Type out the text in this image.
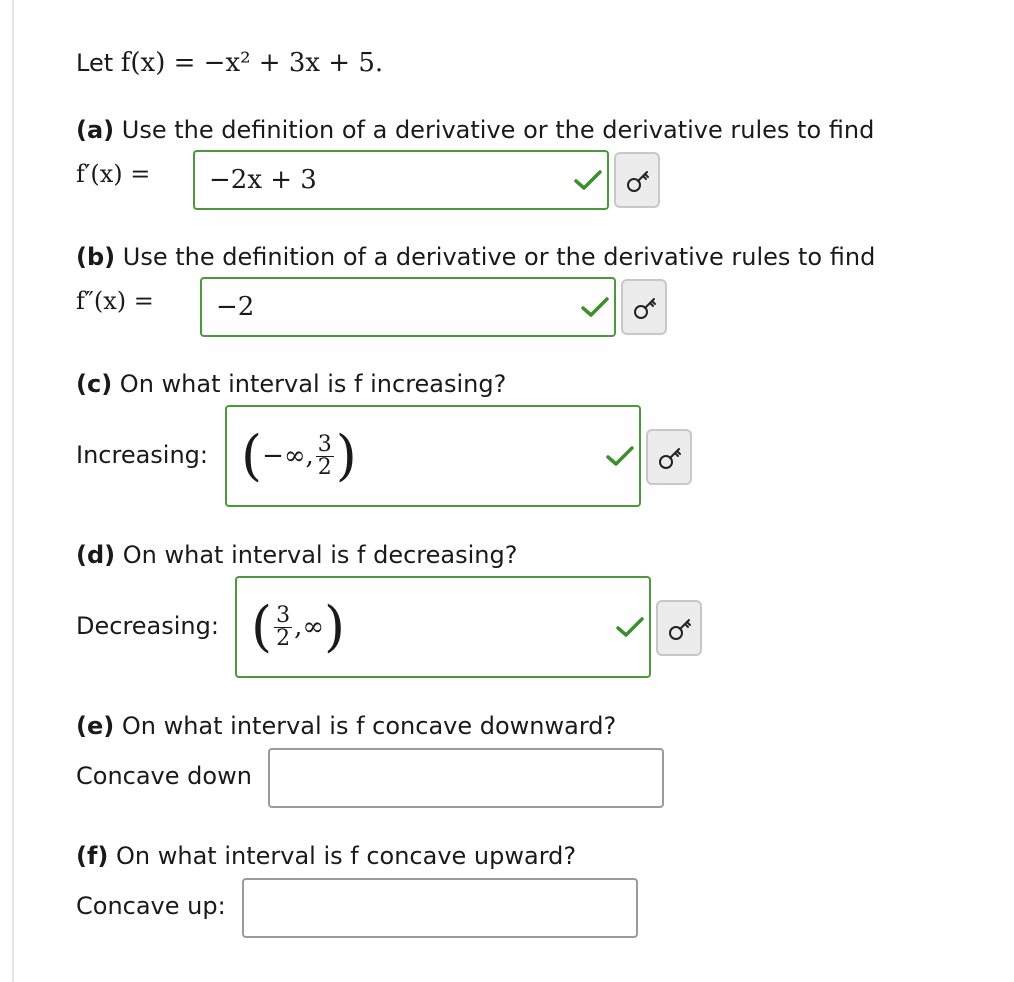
Let f(x) = −x² + 3x + 5.
(a) Use the definition of a derivative or the derivative rules to find
f′(x) = −2x + 3
(b) Use the definition of a derivative or the derivative rules to find
f″(x) = −2
(c) On what interval is f increasing?
Increasing: ( −∞, $\frac{3}{2}$ )
(d) On what interval is f decreasing?
Decreasing: ( $\frac{3}{2}$ ,∞ )
(e) On what interval is f concave downward?
Concave down
(f) On what interval is f concave upward?
Concave up:
